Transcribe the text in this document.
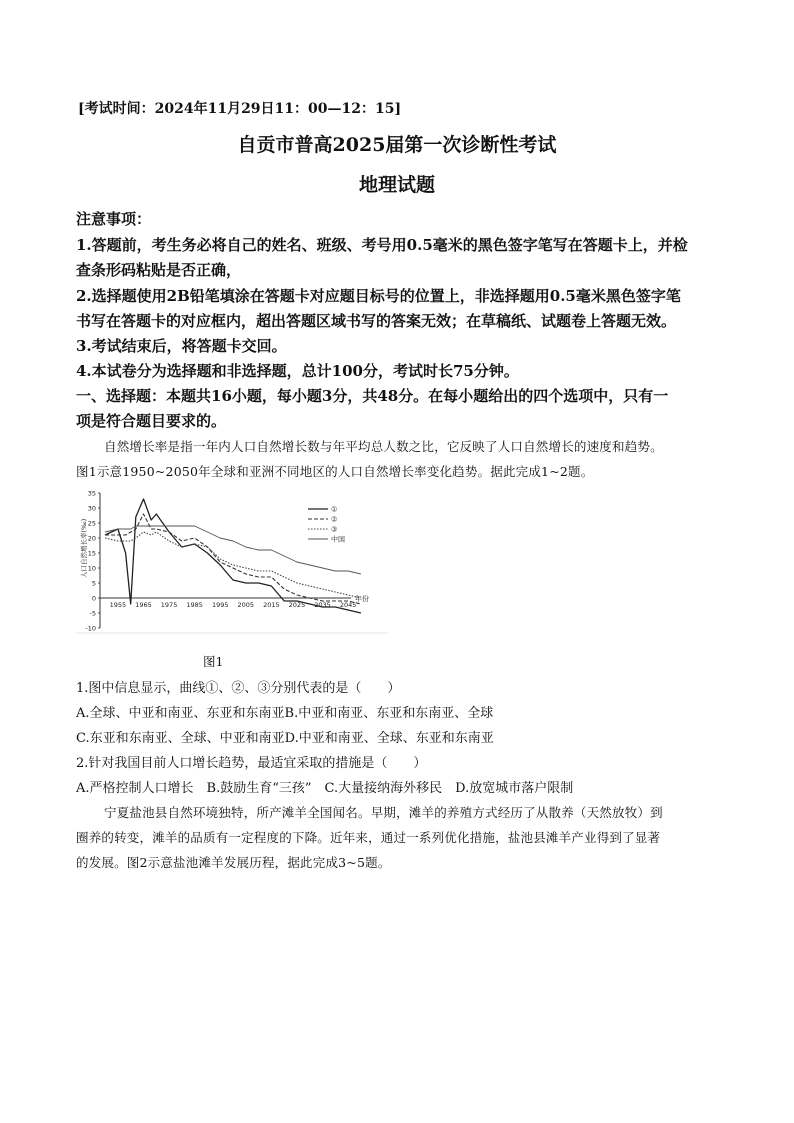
[考试时间：2024年11月29日11：00—12：15]
自贡市普高2025届第一次诊断性考试
地理试题
注意事项：
1.答题前，考生务必将自己的姓名、班级、考号用0.5毫米的黑色签字笔写在答题卡上，并检
查条形码粘贴是否正确，
2.选择题使用2B铅笔填涂在答题卡对应题目标号的位置上，非选择题用0.5毫米黑色签字笔
书写在答题卡的对应框内，超出答题区域书写的答案无效；在草稿纸、试题卷上答题无效。
3.考试结束后，将答题卡交回。
4.本试卷分为选择题和非选择题，总计100分，考试时长75分钟。
一、选择题：本题共16小题，每小题3分，共48分。在每小题给出的四个选项中，只有一
项是符合题目要求的。
自然增长率是指一年内人口自然增长数与年平均总人数之比，它反映了人口自然增长的速度和趋势。
图1示意1950~2050年全球和亚洲不同地区的人口自然增长率变化趋势。据此完成1~2题。
35
30
25
20
15
10
5
0
-5
-10
1955 1965 1975 1985 1995 2005 2015 2025 2035 2045
年份
人口自然增长率(‰)
①
②
③
中国
图1
1.图中信息显示，曲线①、②、③分别代表的是（　　）
A.全球、中亚和南亚、东亚和东南亚B.中亚和南亚、东亚和东南亚、全球
C.东亚和东南亚、全球、中亚和南亚D.中亚和南亚、全球、东亚和东南亚
2.针对我国目前人口增长趋势，最适宜采取的措施是（　　）
A.严格控制人口增长　B.鼓励生育“三孩”　C.大量接纳海外移民　D.放宽城市落户限制
宁夏盐池县自然环境独特，所产滩羊全国闻名。早期，滩羊的养殖方式经历了从散养（天然放牧）到
圈养的转变，滩羊的品质有一定程度的下降。近年来，通过一系列优化措施，盐池县滩羊产业得到了显著
的发展。图2示意盐池滩羊发展历程，据此完成3~5题。
